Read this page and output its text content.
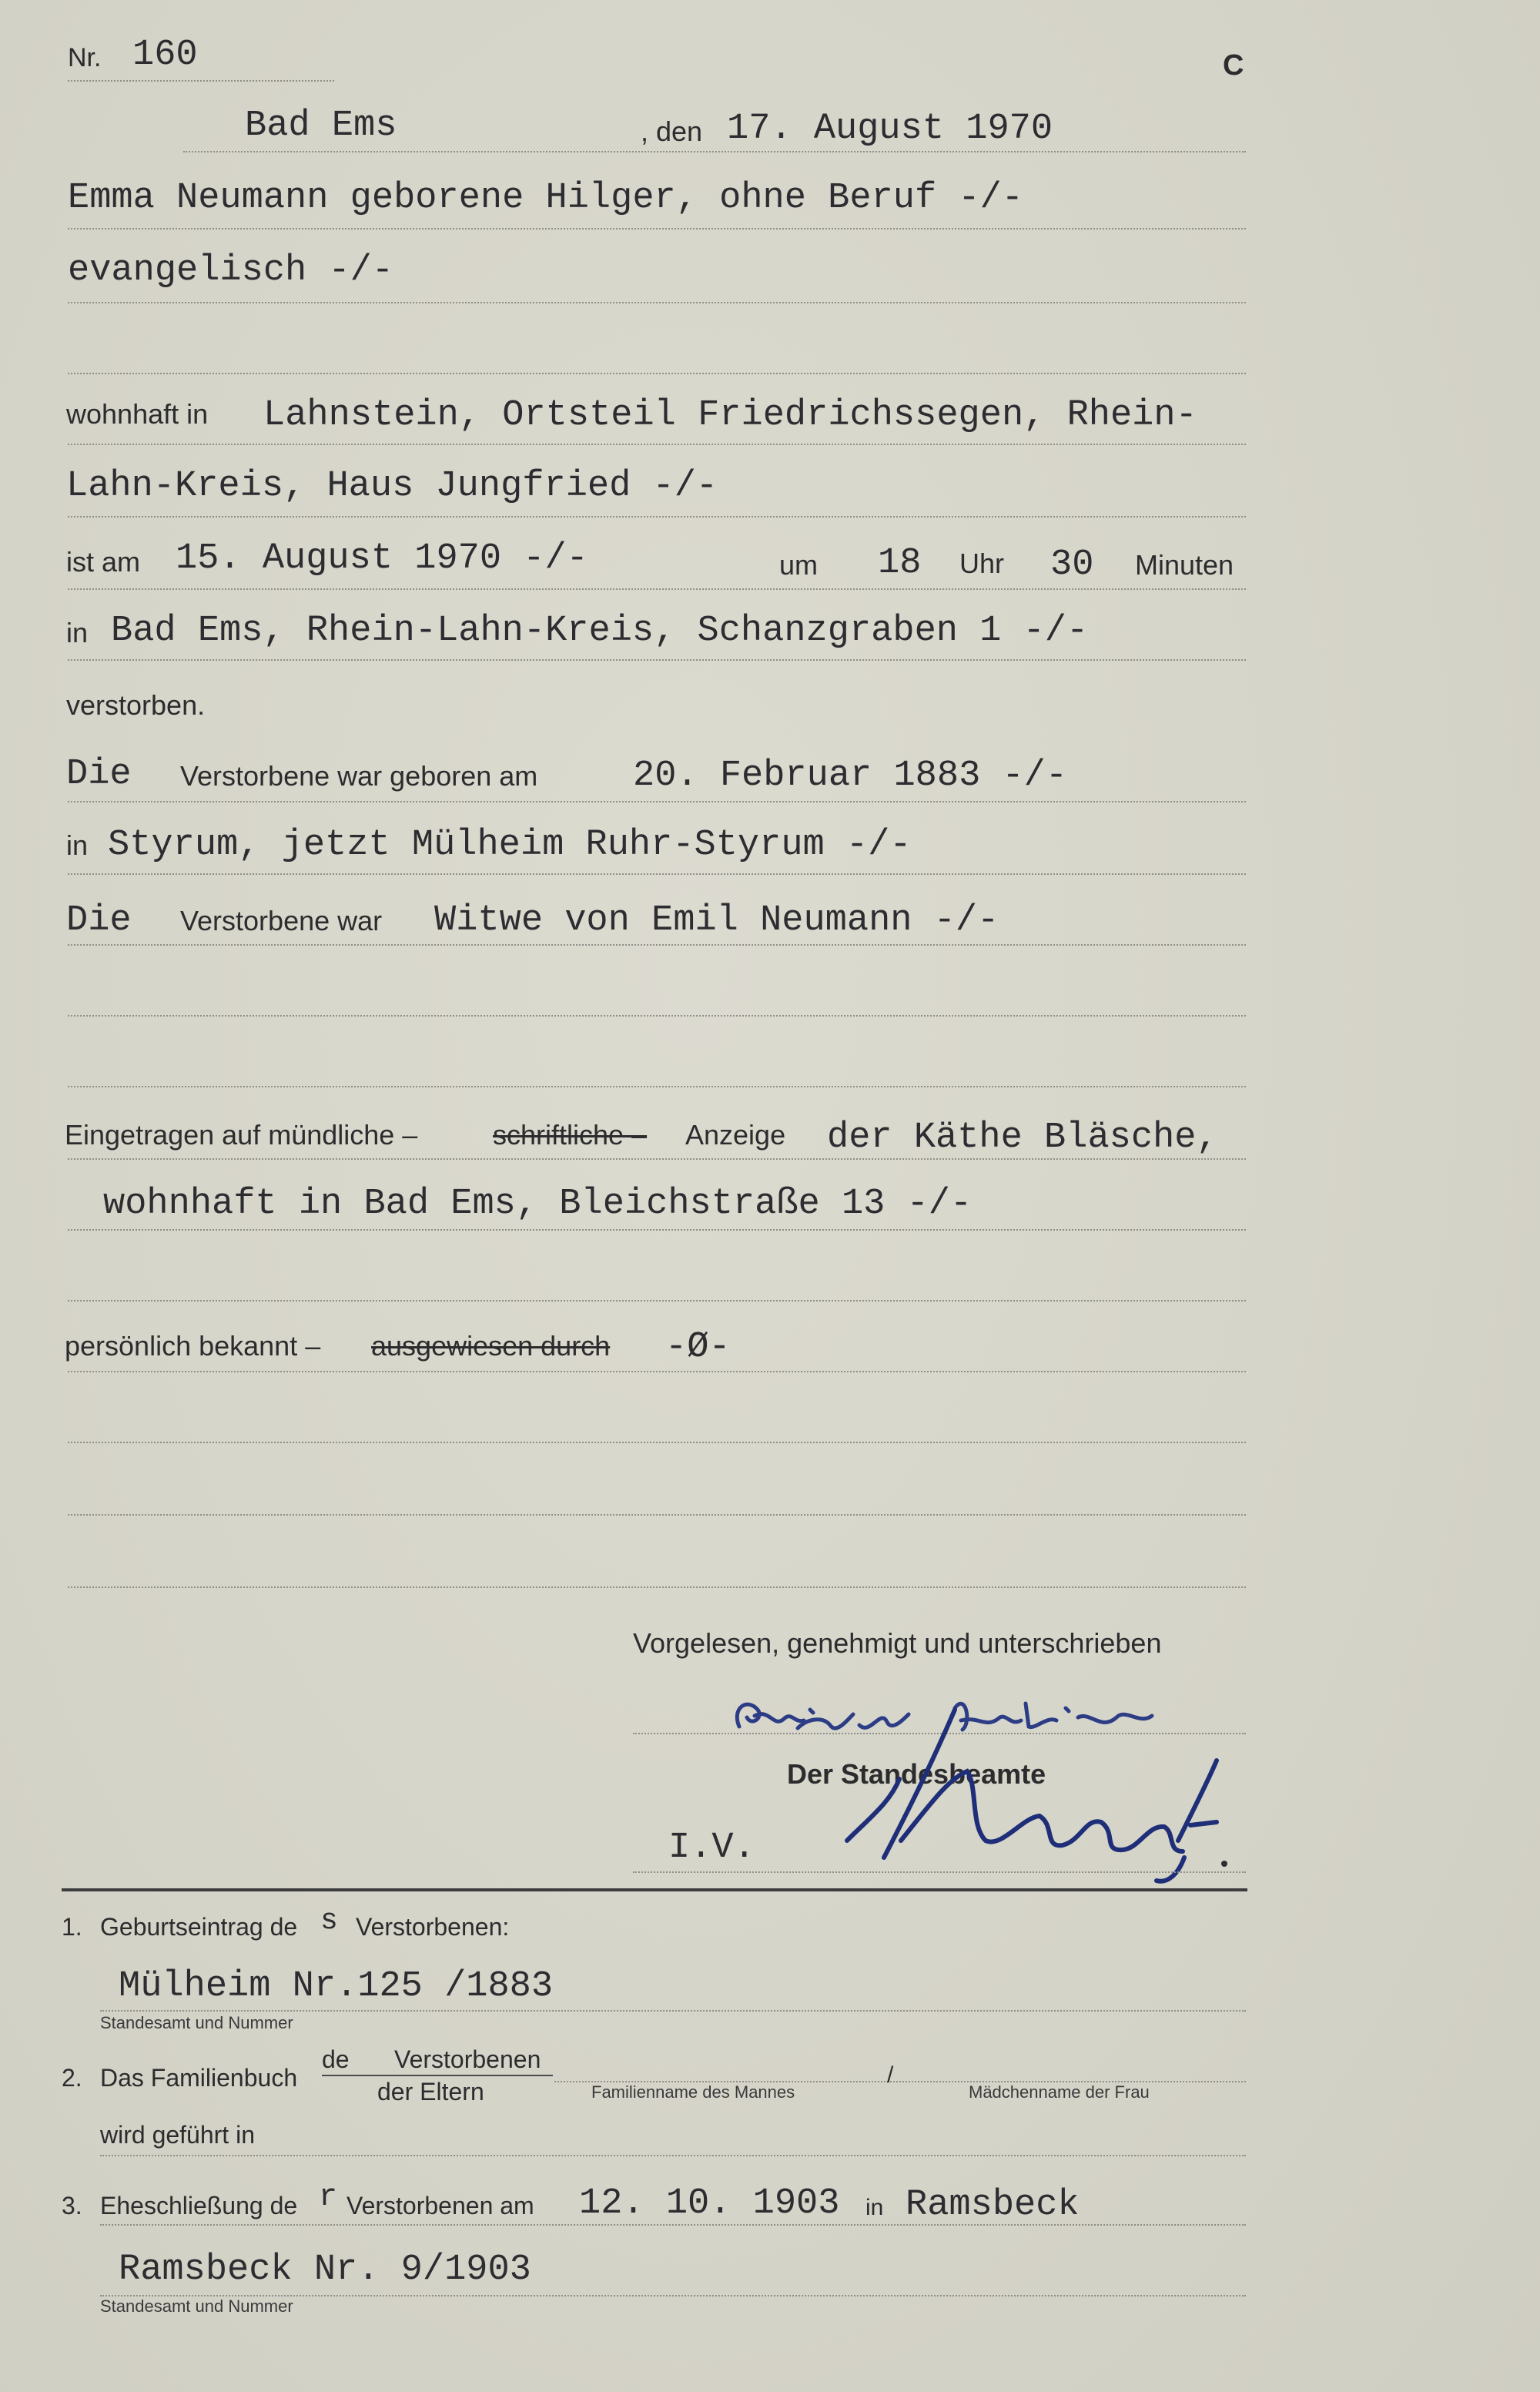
Nr. 160	C
Bad Ems	, den 17. August 1970
Emma Neumann geborene Hilger, ohne Beruf -/-
evangelisch -/-
wohnhaft in Lahnstein, Ortsteil Friedrichssegen, Rhein-
Lahn-Kreis, Haus Jungfried -/-
ist am 15. August 1970 -/-	um 18 Uhr 30 Minuten
in Bad Ems, Rhein-Lahn-Kreis, Schanzgraben 1 -/-
verstorben.
Die Verstorbene war geboren am	20. Februar 1883 -/-
in Styrum, jetzt Mülheim Ruhr-Styrum -/-
Die Verstorbene war Witwe von Emil Neumann -/-
Eingetragen auf mündliche –	schriftliche – Anzeige der Käthe Bläsche,
wohnhaft in Bad Ems, Bleichstraße 13 -/-
persönlich bekannt – ausgewiesen durch -Ø-
Vorgelesen, genehmigt und unterschrieben
Der Standesbeamte
I.V.
1. Geburtseintrag de s Verstorbenen:
Mülheim Nr.125 /1883
Standesamt und Nummer
2. Das Familienbuch
de Verstorbenen
der Eltern	Familienname des Mannes
/
Mädchenname der Frau
wird geführt in
3. Eheschließung de r Verstorbenen am 12. 10. 1903 in Ramsbeck
Ramsbeck Nr. 9/1903
Standesamt und Nummer
